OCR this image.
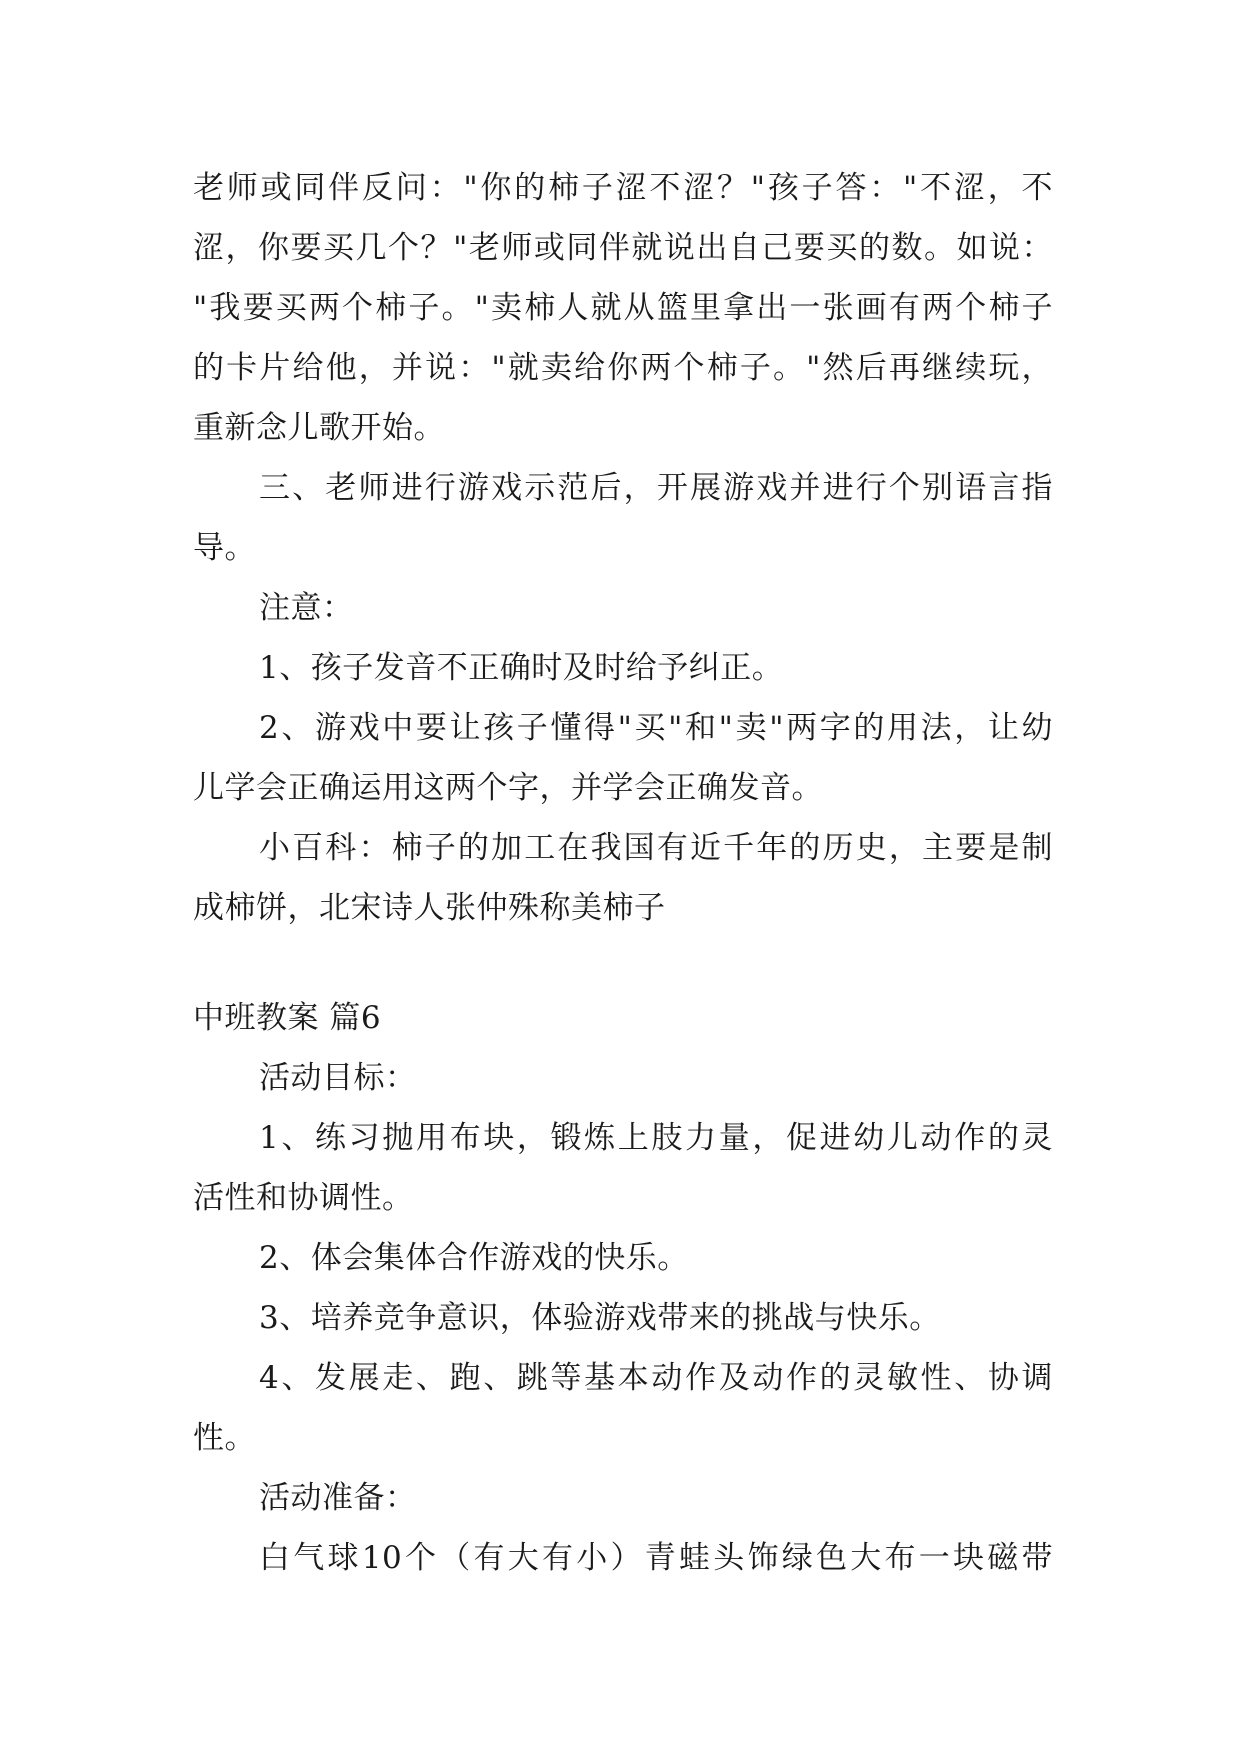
老师或同伴反问："你的柿子涩不涩？"孩子答："不涩，不
涩，你要买几个？"老师或同伴就说出自己要买的数。如说：
"我要买两个柿子。"卖柿人就从篮里拿出一张画有两个柿子
的卡片给他，并说："就卖给你两个柿子。"然后再继续玩，
重新念儿歌开始。
三、老师进行游戏示范后，开展游戏并进行个别语言指
导。
注意：
1、孩子发音不正确时及时给予纠正。
2、游戏中要让孩子懂得"买"和"卖"两字的用法，让幼
儿学会正确运用这两个字，并学会正确发音。
小百科：柿子的加工在我国有近千年的历史，主要是制
成柿饼，北宋诗人张仲殊称美柿子
中班教案 篇6
活动目标：
1、练习抛用布块，锻炼上肢力量，促进幼儿动作的灵
活性和协调性。
2、体会集体合作游戏的快乐。
3、培养竞争意识，体验游戏带来的挑战与快乐。
4、发展走、跑、跳等基本动作及动作的灵敏性、协调
性。
活动准备：
白气球10个（有大有小）青蛙头饰绿色大布一块磁带
